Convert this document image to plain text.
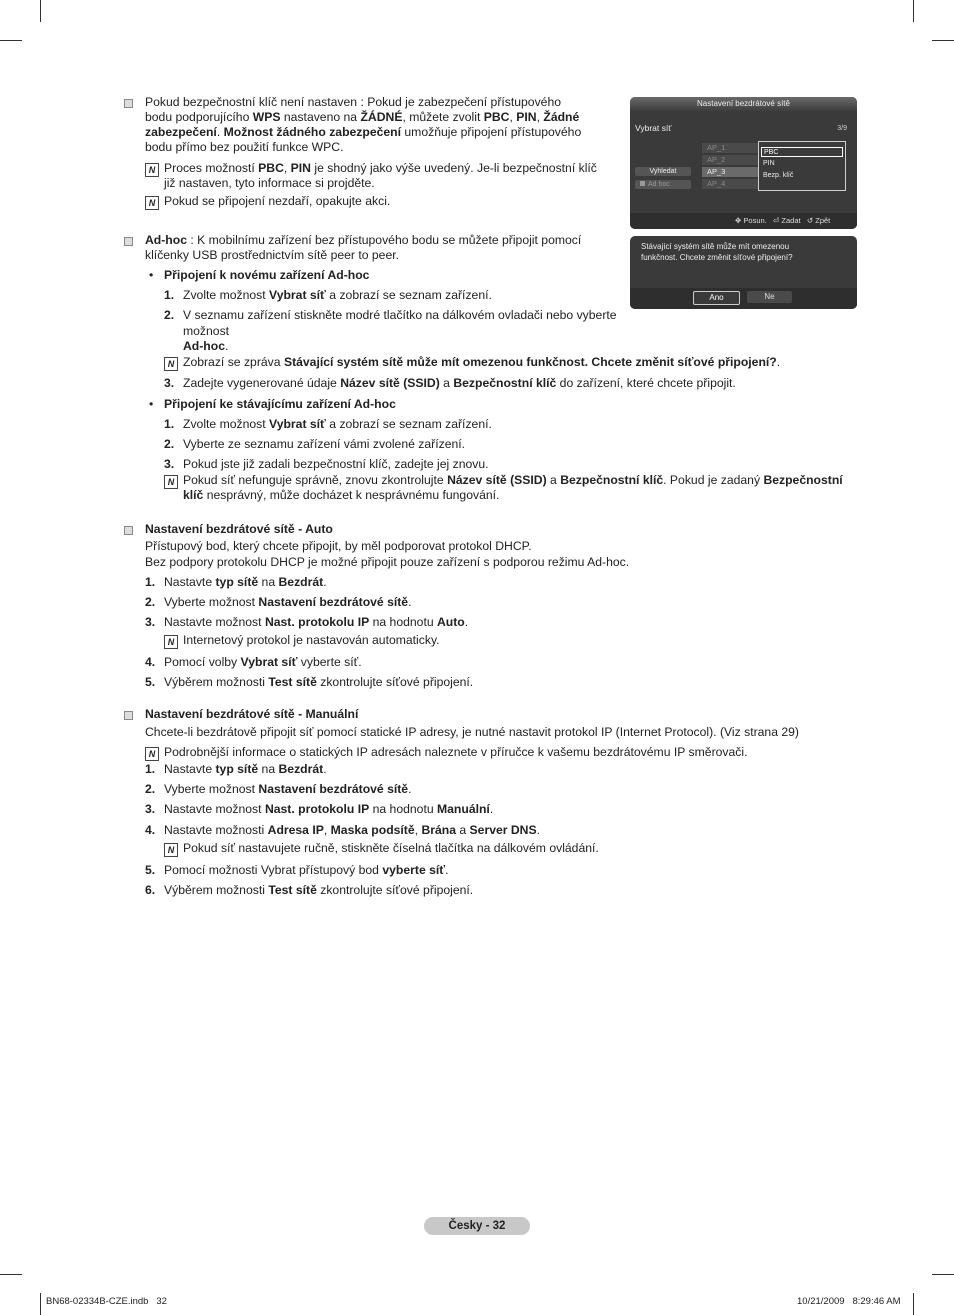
Pokud bezpečnostní klíč není nastaven : Pokud je zabezpečení přístupového
bodu podporujícího WPS nastaveno na ŽÁDNÉ, můžete zvolit PBC, PIN, Žádné
zabezpečení. Možnost žádného zabezpečení umožňuje připojení přístupového
bodu přímo bez použití funkce WPC.
N Proces možností PBC, PIN je shodný jako výše uvedený. Je-li bezpečnostní klíč
již nastaven, tyto informace si projděte.
N Pokud se připojení nezdaří, opakujte akci.
Ad-hoc : K mobilnímu zařízení bez přístupového bodu se můžete připojit pomocí
klíčenky USB prostřednictvím sítě peer to peer.
• Připojení k novému zařízení Ad-hoc
1. Zvolte možnost Vybrat síť a zobrazí se seznam zařízení.
2. V seznamu zařízení stiskněte modré tlačítko na dálkovém ovladači nebo vyberte
možnost
Ad-hoc.
N Zobrazí se zpráva Stávající systém sítě může mít omezenou funkčnost. Chcete změnit síťové připojení?.
3. Zadejte vygenerované údaje Název sítě (SSID) a Bezpečnostní klíč do zařízení, které chcete připojit.
• Připojení ke stávajícímu zařízení Ad-hoc
1. Zvolte možnost Vybrat síť a zobrazí se seznam zařízení.
2. Vyberte ze seznamu zařízení vámi zvolené zařízení.
3. Pokud jste již zadali bezpečnostní klíč, zadejte jej znovu.
N Pokud síť nefunguje správně, znovu zkontrolujte Název sítě (SSID) a Bezpečnostní klíč. Pokud je zadaný Bezpečnostní
klíč nesprávný, může docházet k nesprávnému fungování.
Nastavení bezdrátové sítě - Auto
Přístupový bod, který chcete připojit, by měl podporovat protokol DHCP.
Bez podpory protokolu DHCP je možné připojit pouze zařízení s podporou režimu Ad-hoc.
1. Nastavte typ sítě na Bezdrát.
2. Vyberte možnost Nastavení bezdrátové sítě.
3. Nastavte možnost Nast. protokolu IP na hodnotu Auto.
N Internetový protokol je nastavován automaticky.
4. Pomocí volby Vybrat síť vyberte síť.
5. Výběrem možnosti Test sítě zkontrolujte síťové připojení.
Nastavení bezdrátové sítě - Manuální
Chcete-li bezdrátově připojit síť pomocí statické IP adresy, je nutné nastavit protokol IP (Internet Protocol). (Viz strana 29)
N Podrobnější informace o statických IP adresách naleznete v příručce k vašemu bezdrátovému IP směrovači.
1. Nastavte typ sítě na Bezdrát.
2. Vyberte možnost Nastavení bezdrátové sítě.
3. Nastavte možnost Nast. protokolu IP na hodnotu Manuální.
4. Nastavte možnosti Adresa IP, Maska podsítě, Brána a Server DNS.
N Pokud síť nastavujete ručně, stiskněte číselná tlačítka na dálkovém ovládání.
5. Pomocí možnosti Vybrat přístupový bod vyberte síť.
6. Výběrem možnosti Test sítě zkontrolujte síťové připojení.
Nastavení bezdrátové sítě
Vybrat síť	3/9
Vyhledat
Ad hoc
✥ Posun. ⏎ Zadat ↺ Zpět
AP_1
AP_2
AP_3
AP_4
PBC
PIN
Bezp. klíč
Stávající systém sítě může mít omezenou
funkčnost. Chcete změnit síťové připojení?
Ano	Ne
Česky - 32
BN68-02334B-CZE.indb   32	10/21/2009   8:29:46 AM
